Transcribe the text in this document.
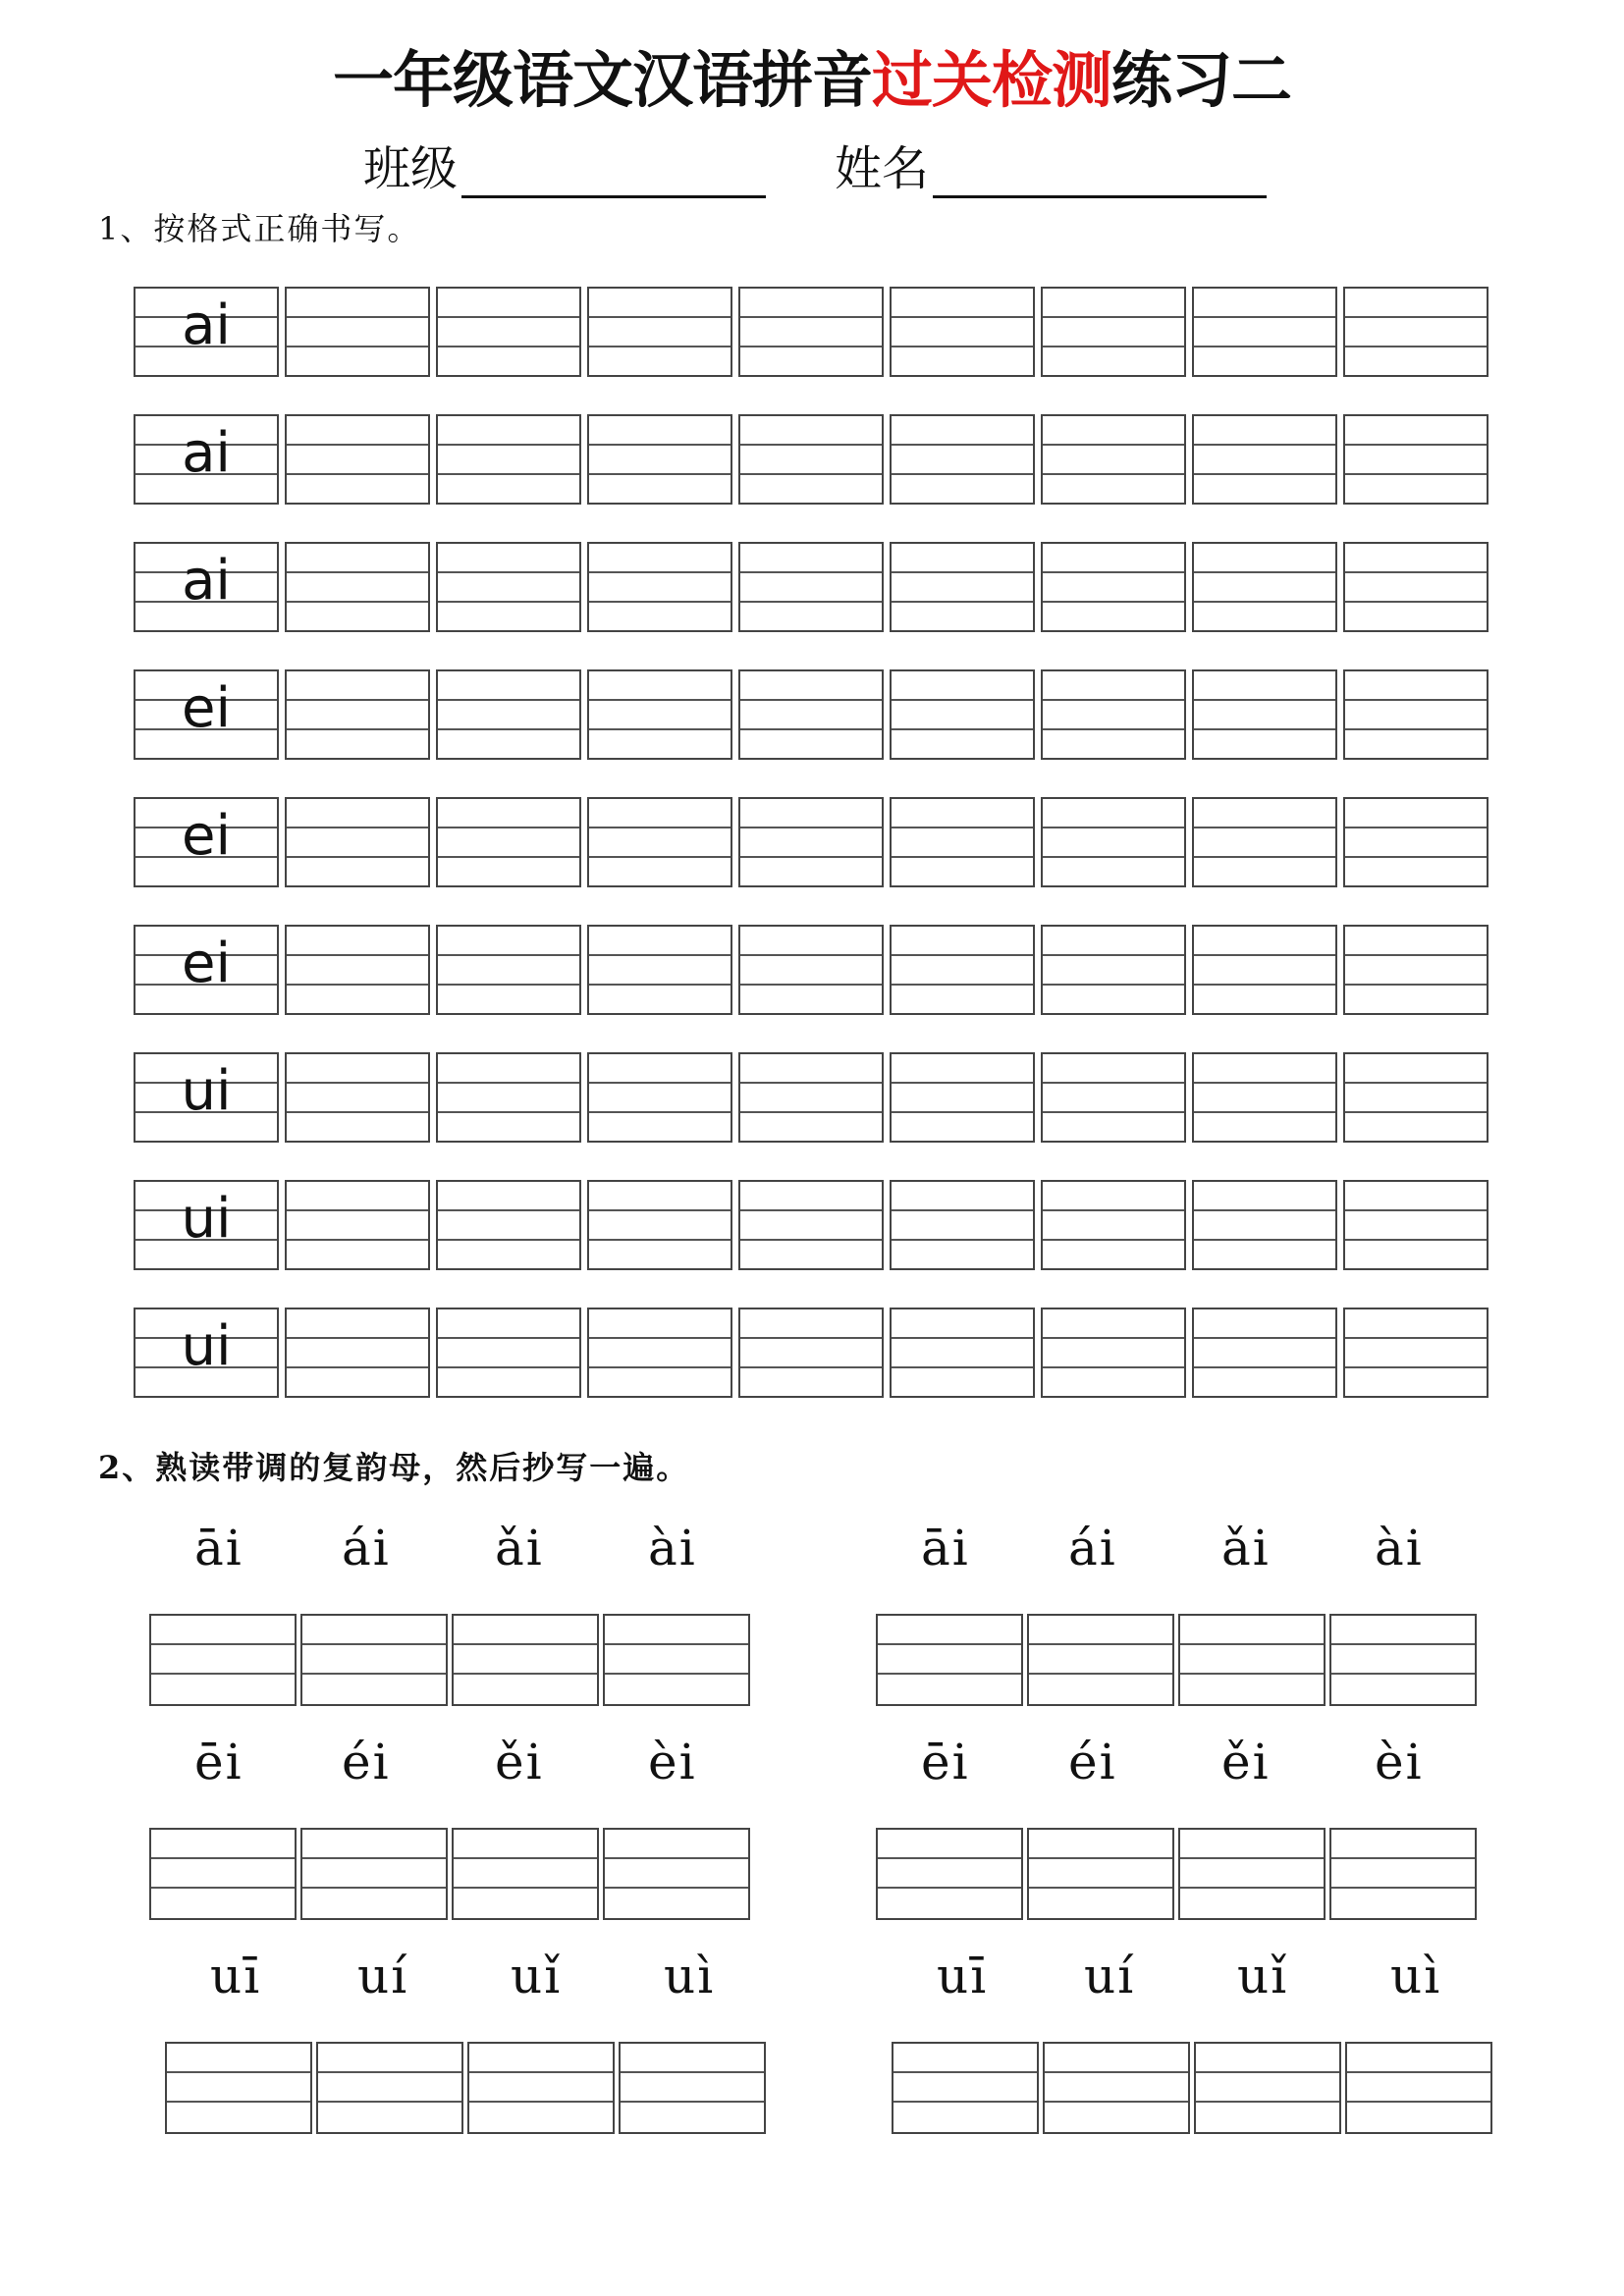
一年级语文汉语拼音过关检测练习二
班级	姓名
1、按格式正确书写。
ai
ai
ai
ei
ei
ei
ui
ui
ui
2、熟读带调的复韵母，然后抄写一遍。
āi ái ǎi ài	āi ái ǎi ài
ēi éi ěi èi	ēi éi ěi èi
uī uí uǐ uì	uī uí uǐ uì
